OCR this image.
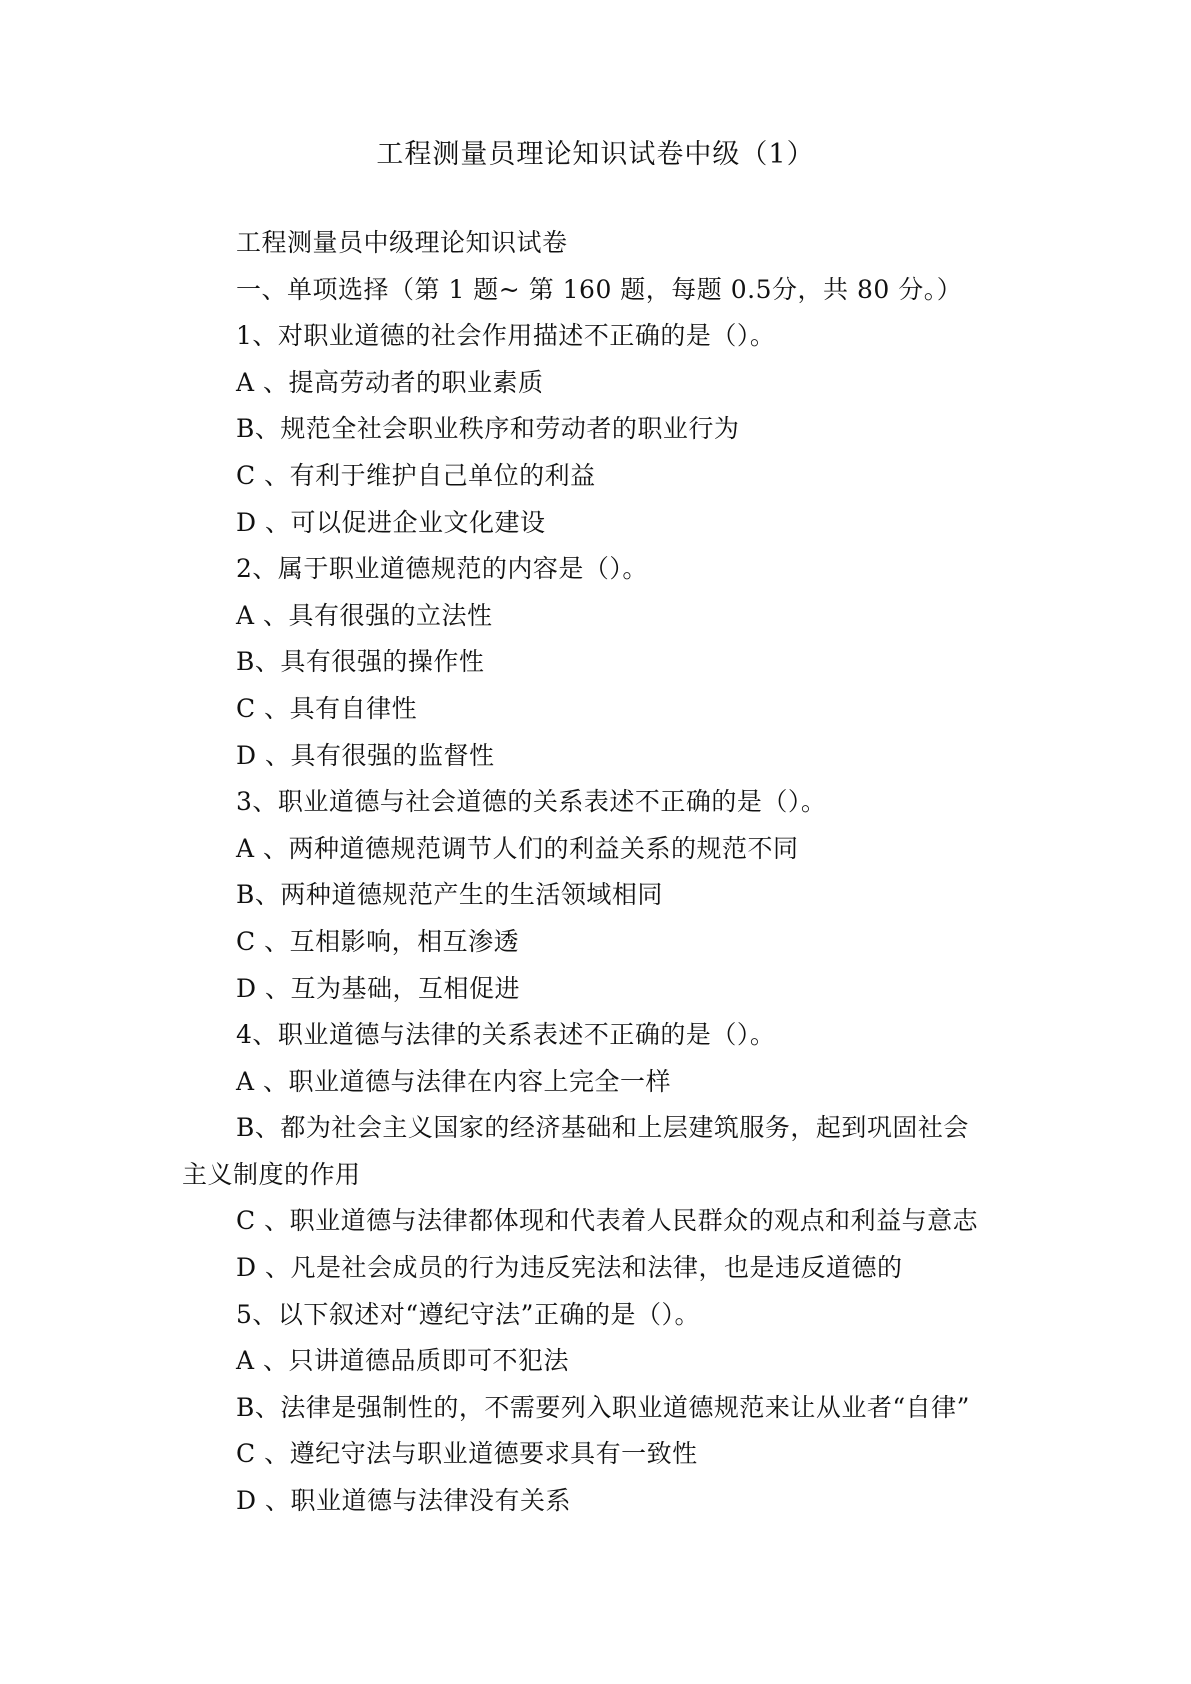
工程测量员理论知识试卷中级（1）
工程测量员中级理论知识试卷
一、单项选择（第 1 题~ 第 160 题，每题 0.5分，共 80 分。）
1、对职业道德的社会作用描述不正确的是（）。
A 、提高劳动者的职业素质
B、规范全社会职业秩序和劳动者的职业行为
C 、有利于维护自己单位的利益
D 、可以促进企业文化建设
2、属于职业道德规范的内容是（）。
A 、具有很强的立法性
B、具有很强的操作性
C 、具有自律性
D 、具有很强的监督性
3、职业道德与社会道德的关系表述不正确的是（）。
A 、两种道德规范调节人们的利益关系的规范不同
B、两种道德规范产生的生活领域相同
C 、互相影响，相互渗透
D 、互为基础，互相促进
4、职业道德与法律的关系表述不正确的是（）。
A 、职业道德与法律在内容上完全一样
B、都为社会主义国家的经济基础和上层建筑服务，起到巩固社会
主义制度的作用
C 、职业道德与法律都体现和代表着人民群众的观点和利益与意志
D 、凡是社会成员的行为违反宪法和法律，也是违反道德的
5、以下叙述对“遵纪守法”正确的是（）。
A 、只讲道德品质即可不犯法
B、法律是强制性的，不需要列入职业道德规范来让从业者“自律”
C 、遵纪守法与职业道德要求具有一致性
D 、职业道德与法律没有关系
